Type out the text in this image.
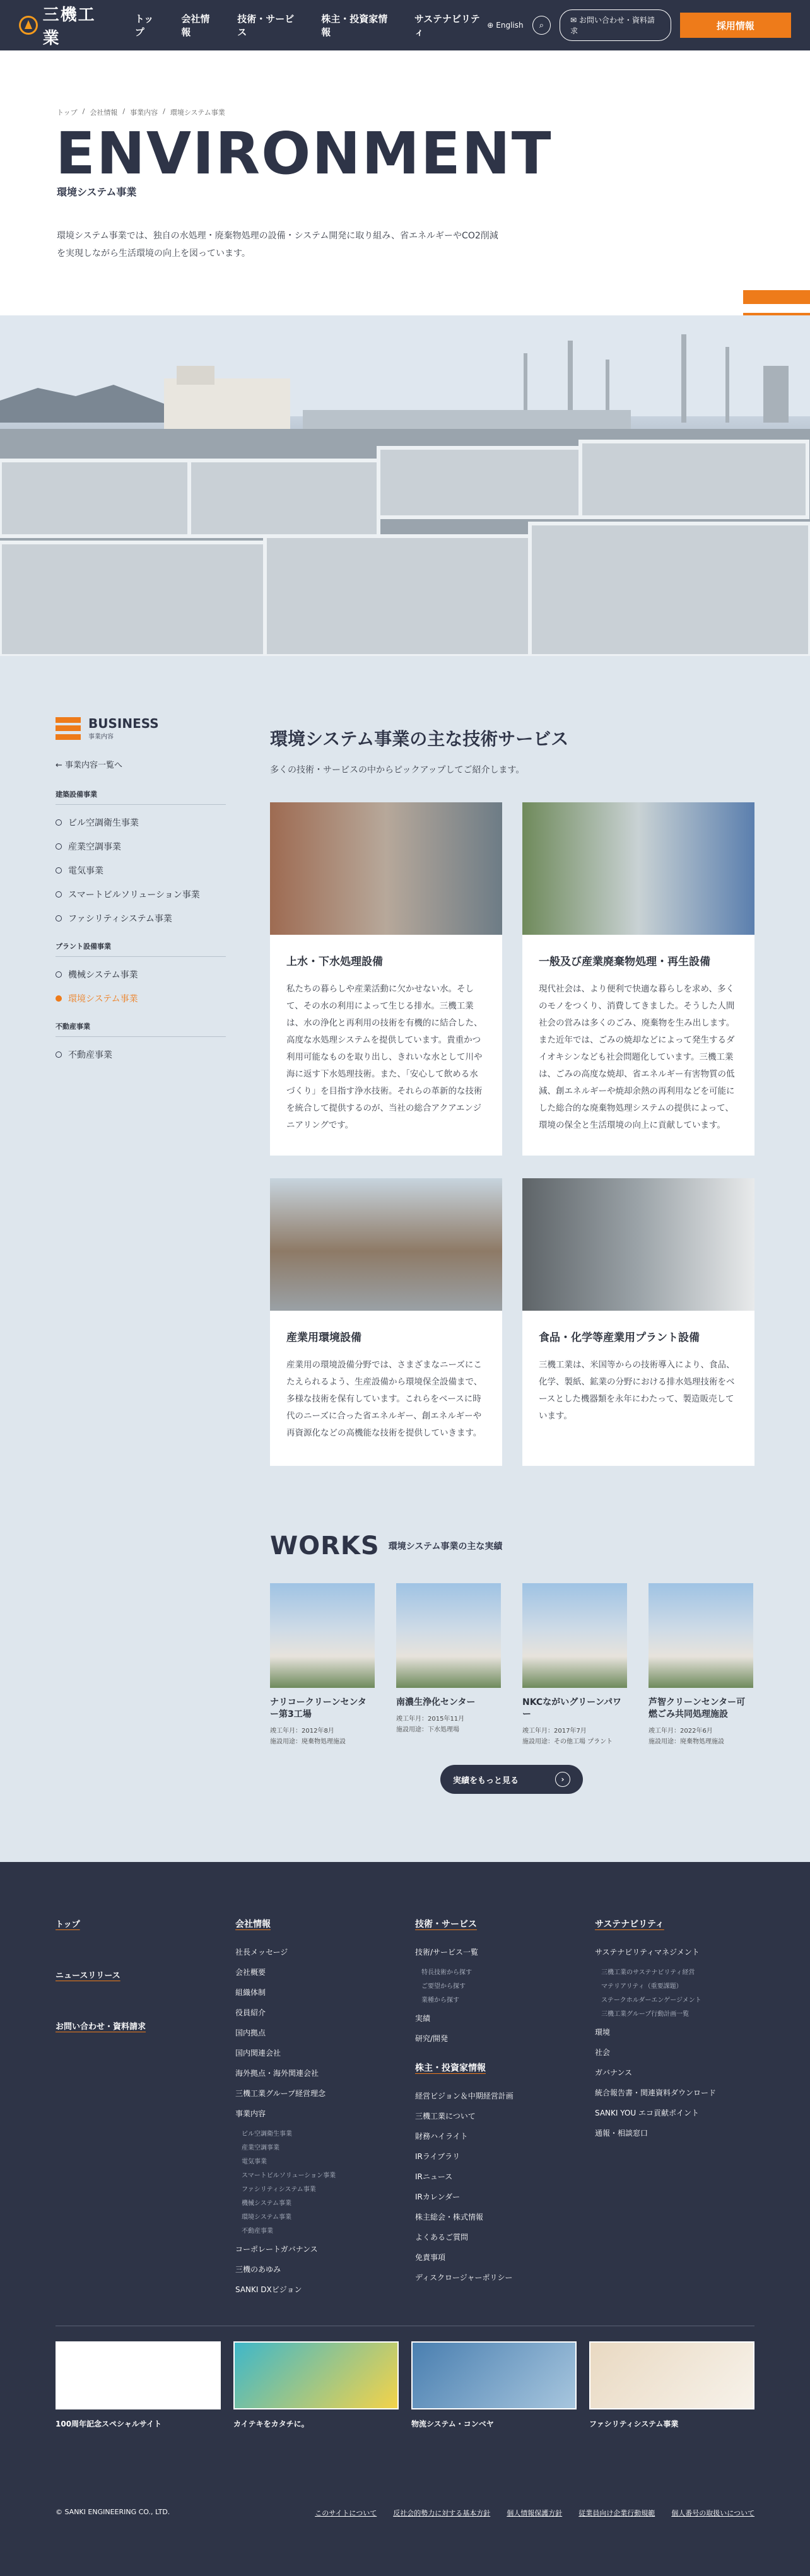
三機工業
トップ
会社情報
技術・サービス
株主・投資家情報
サステナビリティ
⊕ English ⌕
✉ お問い合わせ・資料請求	採用情報
トップ / 会社情報 / 事業内容 / 環境システム事業
ENVIRONMENT
環境システム事業

環境システム事業では、独自の水処理・廃棄物処理の設備・システム開発に取り組み、省エネルギーやCO2削減を実現しながら生活環境の向上を図っています。

BUSINESS
事業内容
← 事業内容一覧へ
建築設備事業
ビル空調衛生事業
産業空調事業
電気事業
スマートビルソリューション事業
ファシリティシステム事業
プラント設備事業
機械システム事業
環境システム事業
不動産事業
不動産事業
環境システム事業の主な技術サービス

多くの技術・サービスの中からピックアップしてご紹介します。

上水・下水処理設備

私たちの暮らしや産業活動に欠かせない水。そして、その水の利用によって生じる排水。三機工業は、水の浄化と再利用の技術を有機的に結合した、高度な水処理システムを提供しています。貴重かつ利用可能なものを取り出し、きれいな水として川や海に返す下水処理技術。また、「安心して飲める水づくり」を目指す浄水技術。それらの革新的な技術を統合して提供するのが、当社の総合アクアエンジニアリングです。

一般及び産業廃棄物処理・再生設備

現代社会は、より便利で快適な暮らしを求め、多くのモノをつくり、消費してきました。そうした人間社会の営みは多くのごみ、廃棄物を生み出します。また近年では、ごみの焼却などによって発生するダイオキシンなども社会問題化しています。三機工業は、ごみの高度な焼却、省エネルギー有害物質の低減、創エネルギーや焼却余熱の再利用などを可能にした総合的な廃棄物処理システムの提供によって、環境の保全と生活環境の向上に貢献しています。

産業用環境設備

産業用の環境設備分野では、さまざまなニーズにこたえられるよう、生産設備から環境保全設備まで、多様な技術を保有しています。これらをベースに時代のニーズに合った省エネルギー、創エネルギーや再資源化などの高機能な技術を提供していきます。

食品・化学等産業用プラント設備

三機工業は、米国等からの技術導入により、食品、化学、製紙、鉱業の分野における排水処理技術をベースとした機器類を永年にわたって、製造販売しています。

WORKS 環境システム事業の主な実績
ナリコークリーンセンター第3工場
竣工年月：2012年8月
施設用途：廃棄物処理施設
南濃生浄化センター
竣工年月：2015年11月
施設用途：下水処理場
NKCながいグリーンパワー
竣工年月：2017年7月
施設用途：その他工場 プラント
芦智クリーンセンター可燃ごみ共同処理施設
竣工年月：2022年6月
施設用途：廃棄物処理施設
実績をもっと見る	›
トップ
ニュースリリース
お問い合わせ・資料請求
会社情報
社長メッセージ
会社概要
組織体制
役員紹介
国内拠点
国内関連会社
海外拠点・海外関連会社
三機工業グループ経営理念
事業内容
ビル空調衛生事業
産業空調事業
電気事業
スマートビルソリューション事業
ファシリティシステム事業
機械システム事業
環境システム事業
不動産事業
コーポレートガバナンス
三機のあゆみ
SANKI DXビジョン
技術・サービス
技術/サービス一覧
特長技術から探す
ご要望から探す
業種から探す
実績
研究/開発
株主・投資家情報
経営ビジョン＆中期経営計画
三機工業について
財務ハイライト
IRライブラリ
IRニュース
IRカレンダー
株主総会・株式情報
よくあるご質問
免責事項
ディスクロージャーポリシー
サステナビリティ
サステナビリティマネジメント
三機工業のサステナビリティ経営
マテリアリティ（重要課題）
ステークホルダーエンゲージメント
三機工業グループ行動計画一覧
環境
社会
ガバナンス
統合報告書・関連資料ダウンロード
SANKI YOU エコ貢献ポイント
通報・相談窓口
100周年記念スペシャルサイト	カイテキをカタチに。	物流システム・コンベヤ	ファシリティシステム事業
© SANKI ENGINEERING CO., LTD.	このサイトについて 反社会的勢力に対する基本方針 個人情報保護方針 従業員向け企業行動規範 個人番号の取扱いについて
